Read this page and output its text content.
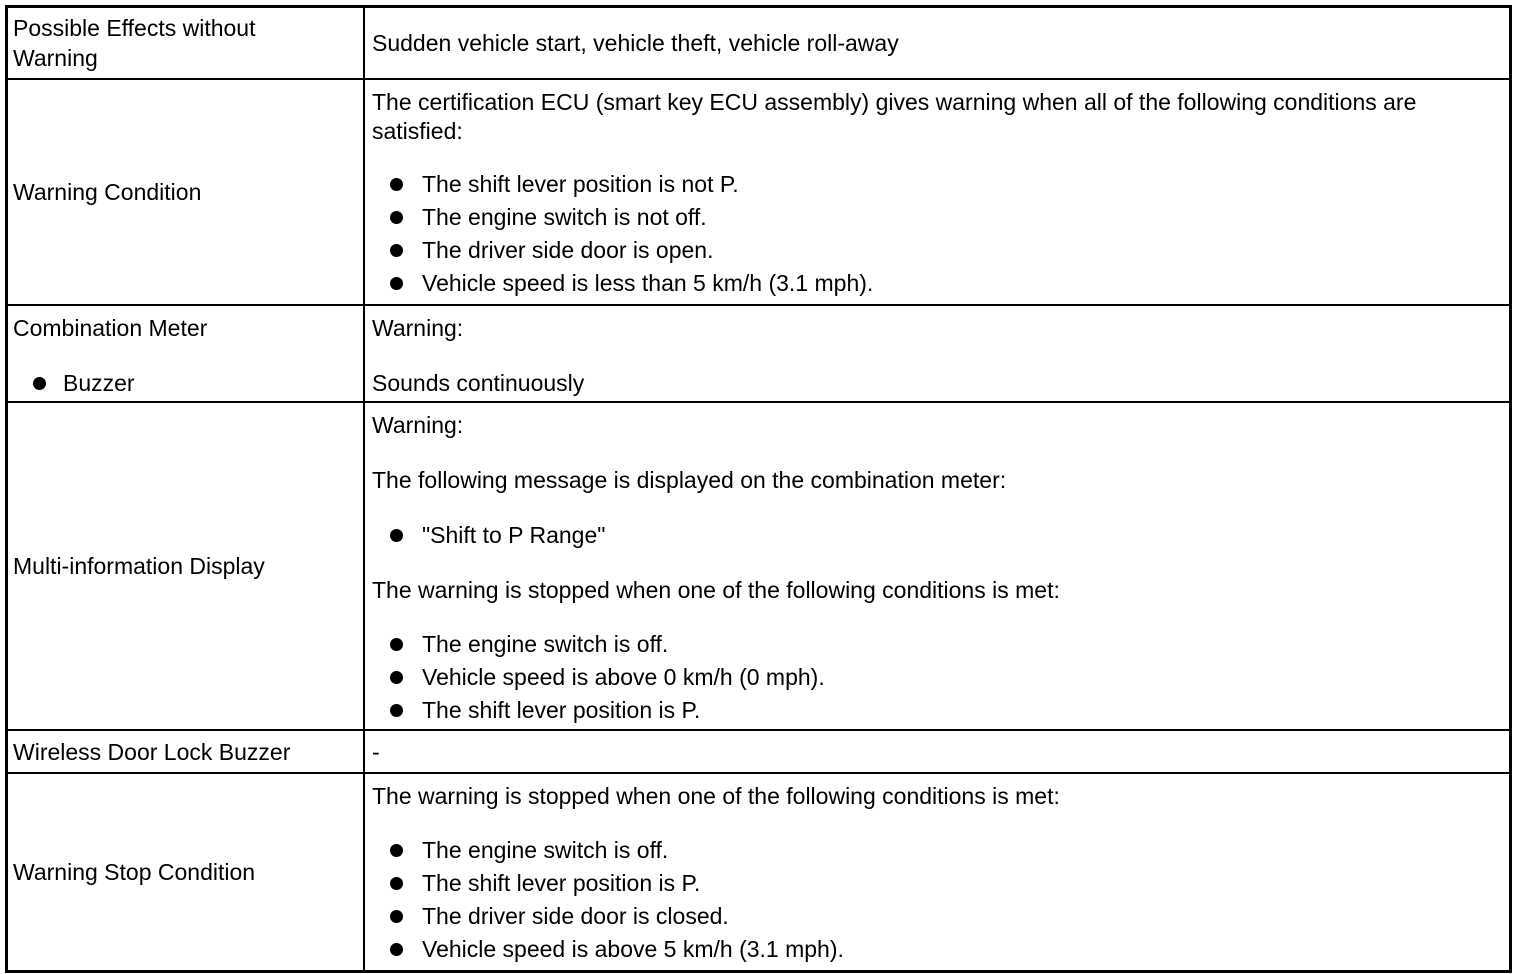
Possible Effects without Warning
Sudden vehicle start, vehicle theft, vehicle roll-away
Warning Condition

The certification ECU (smart key ECU assembly) gives warning when all of the following conditions are satisfied:

The shift lever position is not P.
The engine switch is not off.
The driver side door is open.
Vehicle speed is less than 5 km/h (3.1 mph).

Combination Meter

Buzzer

Warning:

Sounds continuously

Multi-information Display

Warning:

The following message is displayed on the combination meter:

"Shift to P Range"

The warning is stopped when one of the following conditions is met:

The engine switch is off.
Vehicle speed is above 0 km/h (0 mph).
The shift lever position is P.
Wireless Door Lock Buzzer	-
Warning Stop Condition

The warning is stopped when one of the following conditions is met:

The engine switch is off.
The shift lever position is P.
The driver side door is closed.
Vehicle speed is above 5 km/h (3.1 mph).
